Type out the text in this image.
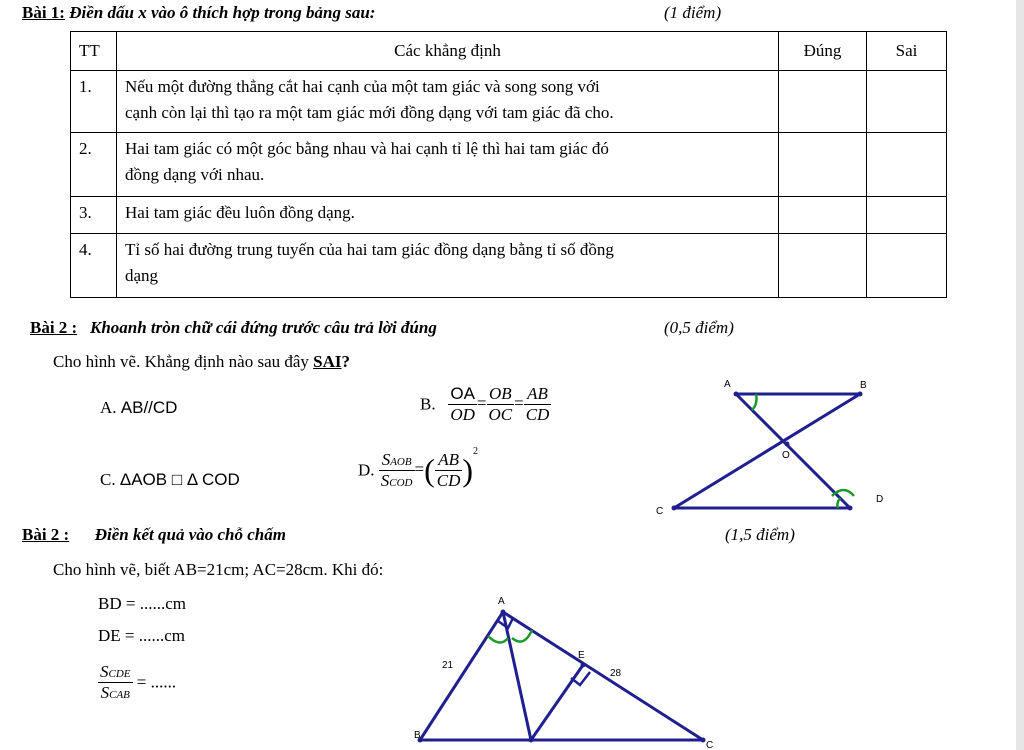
Bài 1: Điền dấu x vào ô thích hợp trong bảng sau:	(1 điểm)
TT	Các khẳng định	Đúng	Sai
1.	Nếu một đường thẳng cắt hai cạnh của một tam giác và song song với
cạnh còn lại thì tạo ra một tam giác mới đồng dạng với tam giác đã cho.		

2.	Hai tam giác có một góc bằng nhau và hai cạnh tỉ lệ thì hai tam giác đó
đồng dạng với nhau.		

3.	Hai tam giác đều luôn đồng dạng.		
4.	Tỉ số hai đường trung tuyến của hai tam giác đồng dạng bằng tỉ số đồng
dạng		

Bài 2 : Khoanh tròn chữ cái đứng trước câu trả lời đúng	(0,5 điểm)
Cho hình vẽ. Khẳng định nào sau đây SAI?
A. AB//CD	B. $\frac{OA}{OD} = \frac{OB}{OC} = \frac{AB}{CD}$
C. ΔAOB □ Δ COD	D. $\frac{\text{SAOB}}{\text{SCOD}}$ =( $\frac{AB}{CD} )^2$
A	B
O
C
D
Bài 2 : Điền kết quả vào chỗ chấm	(1,5 điểm)
Cho hình vẽ, biết AB=21cm; AC=28cm. Khi đó:
BD = ......cm
DE = ......cm
$\frac{\text{SCDE}}{\text{SCAB}}$ = ......
A
E
B
C
21
28
